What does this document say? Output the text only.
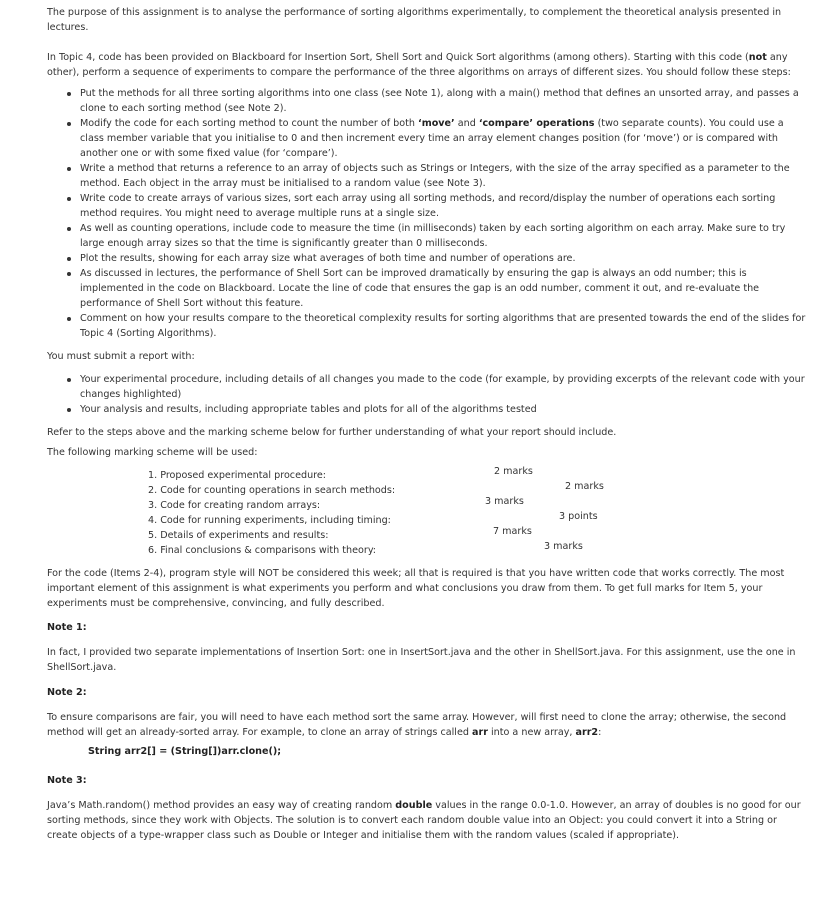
The purpose of this assignment is to analyse the performance of sorting algorithms experimentally, to complement the theoretical analysis presented in lectures.

In Topic 4, code has been provided on Blackboard for Insertion Sort, Shell Sort and Quick Sort algorithms (among others). Starting with this code (not any other), perform a sequence of experiments to compare the performance of the three algorithms on arrays of different sizes. You should follow these steps:

Put the methods for all three sorting algorithms into one class (see Note 1), along with a main() method that defines an unsorted array, and passes a clone to each sorting method (see Note 2).
Modify the code for each sorting method to count the number of both ‘move’ and ‘compare’ operations (two separate counts). You could use a class member variable that you initialise to 0 and then increment every time an array element changes position (for ‘move’) or is compared with another one or with some fixed value (for ‘compare’).
Write a method that returns a reference to an array of objects such as Strings or Integers, with the size of the array specified as a parameter to the method. Each object in the array must be initialised to a random value (see Note 3).
Write code to create arrays of various sizes, sort each array using all sorting methods, and record/display the number of operations each sorting method requires. You might need to average multiple runs at a single size.
As well as counting operations, include code to measure the time (in milliseconds) taken by each sorting algorithm on each array. Make sure to try large enough array sizes so that the time is significantly greater than 0 milliseconds.
Plot the results, showing for each array size what averages of both time and number of operations are.
As discussed in lectures, the performance of Shell Sort can be improved dramatically by ensuring the gap is always an odd number; this is implemented in the code on Blackboard. Locate the line of code that ensures the gap is an odd number, comment it out, and re-evaluate the performance of Shell Sort without this feature.
Comment on how your results compare to the theoretical complexity results for sorting algorithms that are presented towards the end of the slides for Topic 4 (Sorting Algorithms).

You must submit a report with:

Your experimental procedure, including details of all changes you made to the code (for example, by providing excerpts of the relevant code with your changes highlighted)
Your analysis and results, including appropriate tables and plots for all of the algorithms tested

Refer to the steps above and the marking scheme below for further understanding of what your report should include.

The following marking scheme will be used:

1. Proposed experimental procedure:	2 marks
2. Code for counting operations in search methods:	2 marks
3. Code for creating random arrays:	3 marks
4. Code for running experiments, including timing:	3 points
5. Details of experiments and results:	7 marks
6. Final conclusions & comparisons with theory:	3 marks

For the code (Items 2-4), program style will NOT be considered this week; all that is required is that you have written code that works correctly. The most important element of this assignment is what experiments you perform and what conclusions you draw from them. To get full marks for Item 5, your experiments must be comprehensive, convincing, and fully described.

Note 1:

In fact, I provided two separate implementations of Insertion Sort: one in InsertSort.java and the other in ShellSort.java. For this assignment, use the one in ShellSort.java.

Note 2:

To ensure comparisons are fair, you will need to have each method sort the same array. However, will first need to clone the array; otherwise, the second method will get an already-sorted array. For example, to clone an array of strings called arr into a new array, arr2:

String arr2[] = (String[])arr.clone();

Note 3:

Java’s Math.random() method provides an easy way of creating random double values in the range 0.0-1.0. However, an array of doubles is no good for our sorting methods, since they work with Objects. The solution is to convert each random double value into an Object: you could convert it into a String or create objects of a type-wrapper class such as Double or Integer and initialise them with the random values (scaled if appropriate).
